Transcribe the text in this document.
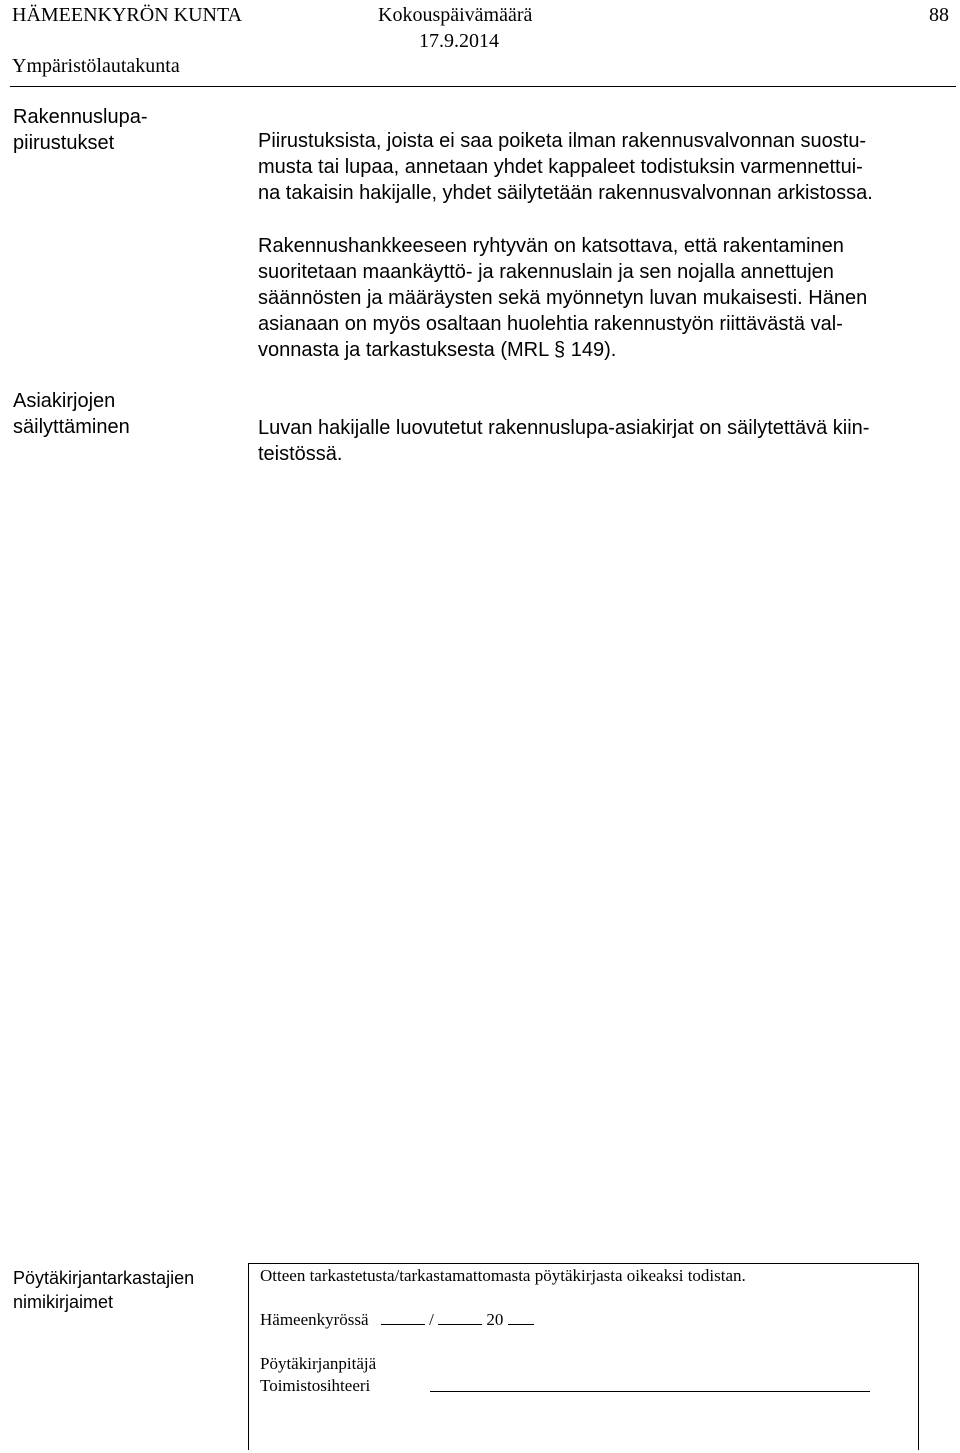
HÄMEENKYRÖN KUNTA	Kokouspäivämäärä
17.9.2014
88
Ympäristölautakunta
Rakennuslupa-
piirustukset	Piirustuksista, joista ei saa poiketa ilman rakennusvalvonnan suostu-
musta tai lupaa, annetaan yhdet kappaleet todistuksin varmennettui-
na takaisin hakijalle, yhdet säilytetään rakennusvalvonnan arkistossa.
Rakennushankkeeseen ryhtyvän on katsottava, että rakentaminen
suoritetaan maankäyttö- ja rakennuslain ja sen nojalla annettujen
säännösten ja määräysten sekä myönnetyn luvan mukaisesti. Hänen
asianaan on myös osaltaan huolehtia rakennustyön riittävästä val-
vonnasta ja tarkastuksesta (MRL § 149).
Asiakirjojen
säilyttäminen	Luvan hakijalle luovutetut rakennuslupa-asiakirjat on säilytettävä kiin-
teistössä.
Pöytäkirjantarkastajien
nimikirjaimet
Otteen tarkastetusta/tarkastamattomasta pöytäkirjasta oikeaksi todistan.
Hämeenkyrössä	/	20
Pöytäkirjanpitäjä
Toimistosihteeri
